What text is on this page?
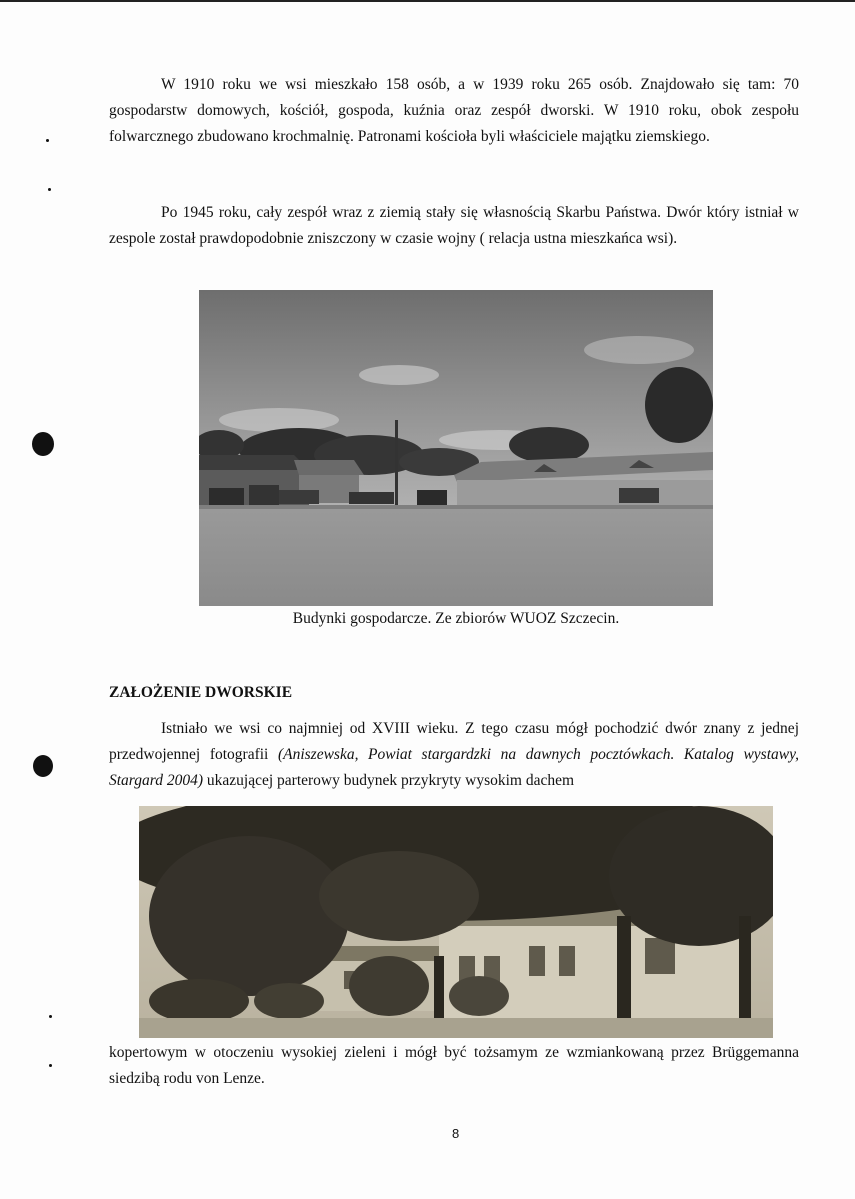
W 1910 roku we wsi mieszkało 158 osób, a w 1939 roku 265 osób. Znajdowało się tam: 70 gospodarstw domowych, kościół, gospoda, kuźnia oraz zespół dworski. W 1910 roku, obok zespołu folwarcznego zbudowano krochmalnię. Patronami kościoła byli właściciele majątku ziemskiego.

Po 1945 roku, cały zespół wraz z ziemią stały się własnością Skarbu Państwa. Dwór który istniał w zespole został prawdopodobnie zniszczony w czasie wojny ( relacja ustna mieszkańca wsi).

Budynki gospodarcze. Ze zbiorów WUOZ Szczecin.
ZAŁOŻENIE DWORSKIE

Istniało we wsi co najmniej od XVIII wieku. Z tego czasu mógł pochodzić dwór znany z jednej przedwojennej fotografii (Aniszewska, Powiat stargardzki na dawnych pocztówkach. Katalog wystawy, Stargard 2004) ukazującej parterowy budynek przykryty wysokim dachem

kopertowym w otoczeniu wysokiej zieleni i mógł być tożsamym ze wzmiankowaną przez Brüggemanna siedzibą rodu von Lenze.

8
